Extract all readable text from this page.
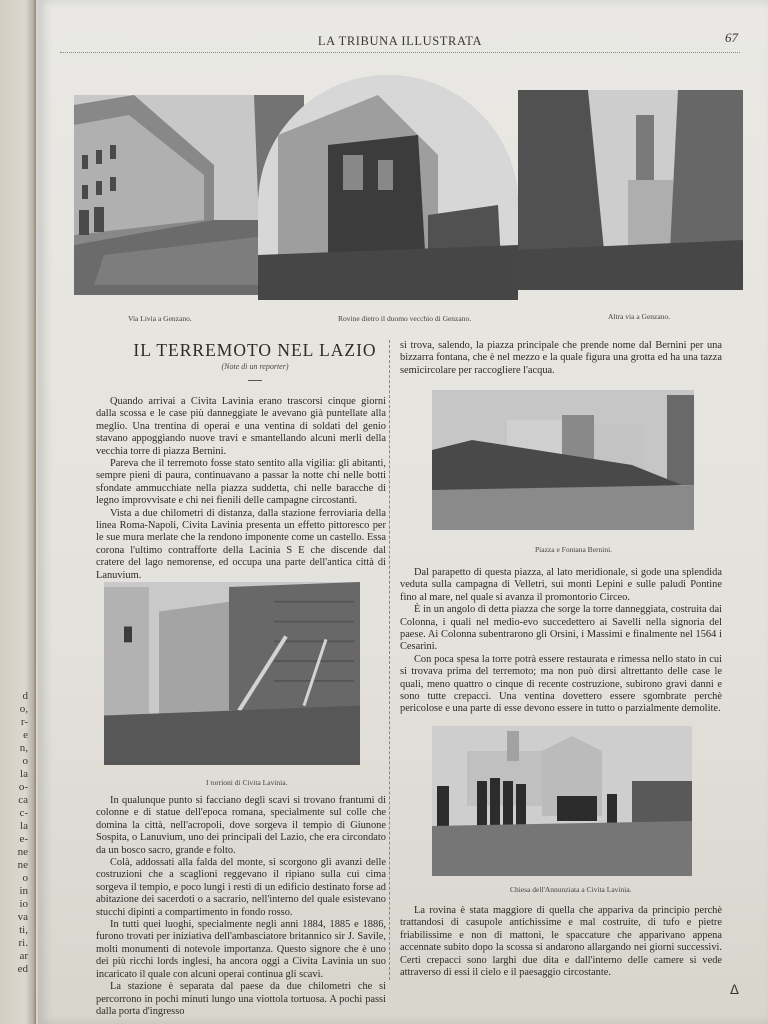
d
o,
r-
e
n,
o
la
o-
ca
c-
la
e-
ne
ne
o
in
io
va
ti,
ri.
ar
ed
LA TRIBUNA ILLUSTRATA	67
Via Livia a Genzano.	Rovine dietro il duomo vecchio di Genzano.	Altra via a Genzano.
IL TERREMOTO NEL LAZIO
(Note di un reporter)

Quando arrivai a Civita Lavinia erano trascorsi cinque giorni dalla scossa e le case più danneggiate le avevano già puntellate alla meglio. Una trentina di operai e una ventina di soldati del genio stavano appoggiando nuove travi e smantellando alcuni merli della vecchia torre di piazza Bernini.

Pareva che il terremoto fosse stato sentito alla vigilia: gli abitanti, sempre pieni di paura, continuavano a passar la notte chi nelle botti sfondate ammucchiate nella piazza suddetta, chi nelle baracche di legno improvvisate e chi nei fienili delle campagne circostanti.

Vista a due chilometri di distanza, dalla stazione ferroviaria della linea Roma-Napoli, Civita Lavinia presenta un effetto pittoresco per le sue mura merlate che la rendono imponente come un castello. Essa corona l'ultimo contrafforte della Lacinia S E che discende dal cratere del lago nemorense, ed occupa una parte dell'antica città di Lanuvium.

I torrioni di Civita Lavinia.

In qualunque punto si facciano degli scavi si trovano frantumi di colonne e di statue dell'epoca romana, specialmente sul colle che domina la città, nell'acropoli, dove sorgeva il tempio di Giunone Sospita, o Lanuvium, uno dei principali del Lazio, che era circondato da un bosco sacro, grande e folto.

Colà, addossati alla falda del monte, si scorgono gli avanzi delle costruzioni che a scaglioni reggevano il ripiano sulla cui cima sorgeva il tempio, e poco lungi i resti di un edificio destinato forse ad abitazione dei sacerdoti o a sacrario, nell'interno del quale esistevano stucchi dipinti a compartimento in fondo rosso.

In tutti quei luoghi, specialmente negli anni 1884, 1885 e 1886, furono trovati per iniziativa dell'ambasciatore britannico sir J. Savile, molti monumenti di notevole importanza. Questo signore che è uno dei più ricchi lords inglesi, ha ancora oggi a Civita Lavinia un suo incaricato il quale con alcuni operai continua gli scavi.

La stazione è separata dal paese da due chilometri che si percorrono in pochi minuti lungo una viottola tortuosa. A pochi passi dalla porta d'ingresso

si trova, salendo, la piazza principale che prende nome dal Bernini per una bizzarra fontana, che è nel mezzo e la quale figura una grotta ed ha una tazza semicircolare per raccogliere l'acqua.

Piazza e Fontana Bernini.

Dal parapetto di questa piazza, al lato meridionale, si gode una splendida veduta sulla campagna di Velletri, sui monti Lepini e sulle paludi Pontine fino al mare, nel quale si avanza il promontorio Circeo.

È in un angolo di detta piazza che sorge la torre danneggiata, costruita dai Colonna, i quali nel medio-evo succedettero ai Savelli nella signoria del paese. Ai Colonna subentrarono gli Orsini, i Massimi e finalmente nel 1564 i Cesarini.

Con poca spesa la torre potrà essere restaurata e rimessa nello stato in cui si trovava prima del terremoto; ma non può dirsi altrettanto delle case le quali, meno quattro o cinque di recente costruzione, subirono gravi danni e sono tutte crepacci. Una ventina dovettero essere sgombrate perchè pericolose e una parte di esse devono essere in tutto o parzialmente demolite.

Chiesa dell'Annunziata a Civita Lavinia.

La rovina è stata maggiore di quella che appariva da principio perchè trattandosi di casupole antichissime e mal costruite, di tufo e pietre friabilissime e non di mattoni, le spaccature che apparivano appena accennate subito dopo la scossa si andarono allargando nei giorni successivi. Certi crepacci sono larghi due dita e dall'interno delle camere si vede attraverso di essi il cielo e il paesaggio circostante.

ᐃ
